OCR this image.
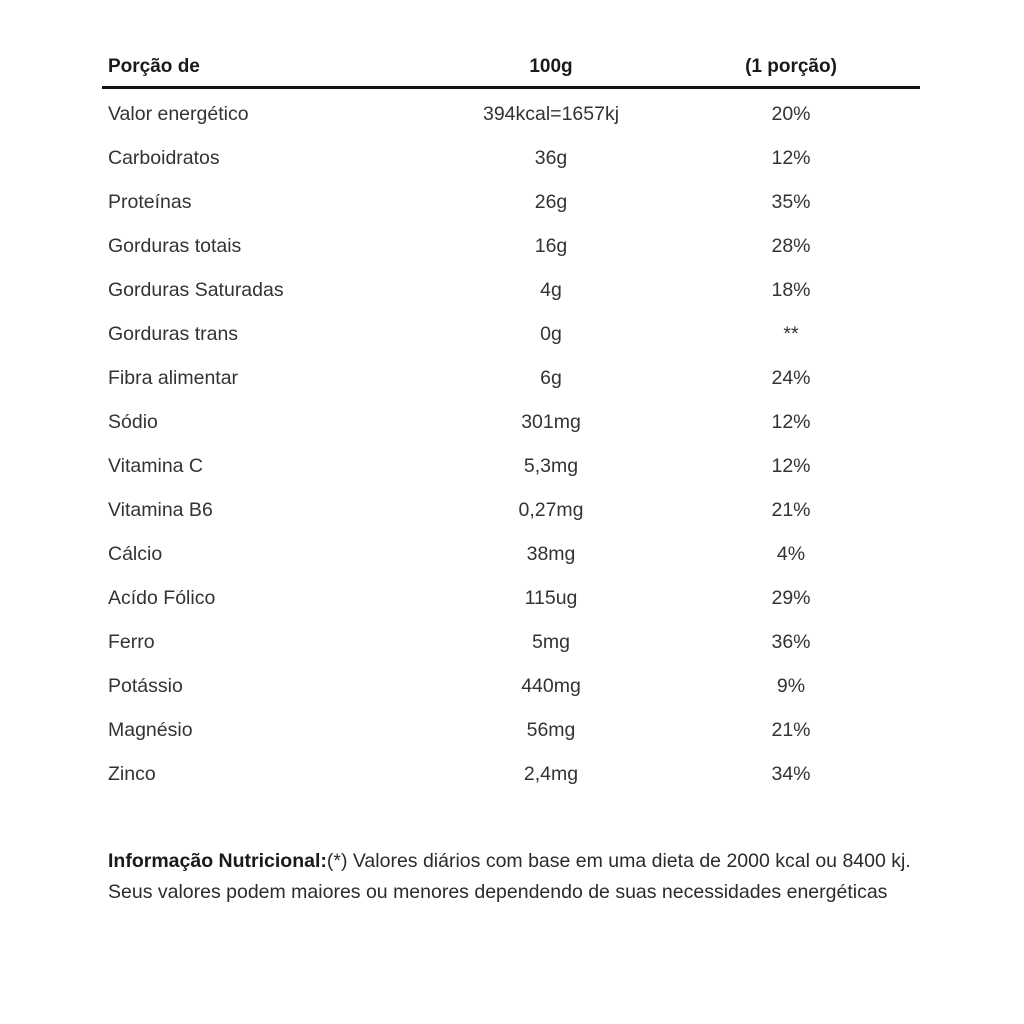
Porção de	100g	(1 porção)
Valor energético	394kcal=1657kj	20%
Carboidratos	36g	12%
Proteínas	26g	35%
Gorduras totais	16g	28%
Gorduras Saturadas	4g	18%
Gorduras trans	0g	**
Fibra alimentar	6g	24%
Sódio	301mg	12%
Vitamina C	5,3mg	12%
Vitamina B6	0,27mg	21%
Cálcio	38mg	4%
Acído Fólico	115ug	29%
Ferro	5mg	36%
Potássio	440mg	9%
Magnésio	56mg	21%
Zinco	2,4mg	34%
Informação Nutricional:(*) Valores diários com base em uma dieta de 2000 kcal ou 8400 kj. Seus valores podem maiores ou menores dependendo de suas necessidades energéticas
